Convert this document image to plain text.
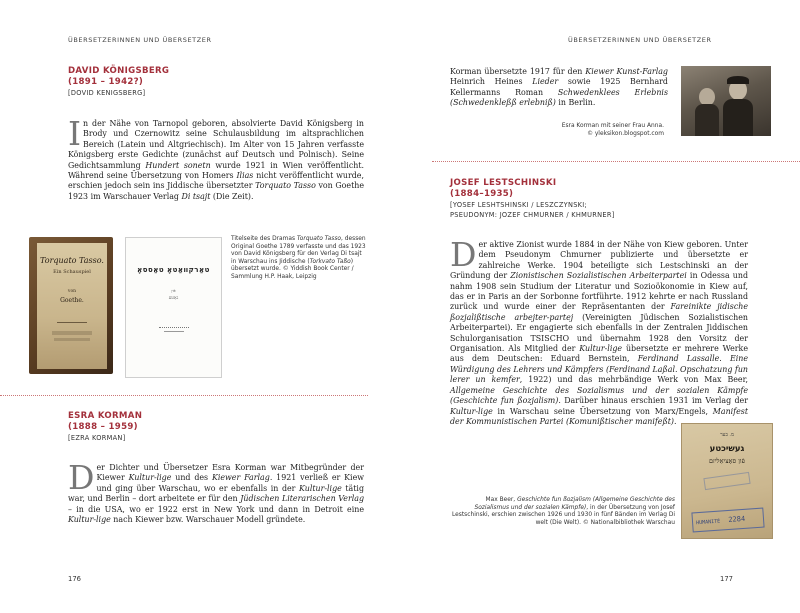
ÜBERSETZERINNEN UND ÜBERSETZER
DAVID KÖNIGSBERG
(1891 – 1942?)
[DOVID KENIGSBERG]
In der Nähe von Tarnopol geboren, absolvierte David Königsberg in Brody und Czernowitz seine Schulausbildung im altsprachlichen Bereich (Latein und Altgriechisch). Im Alter von 15 Jahren verfasste Königsberg erste Gedichte (zunächst auf Deutsch und Polnisch). Seine Gedichtsammlung Hundert sonetn wurde 1921 in Wien veröffentlicht. Während seine Übersetzung von Homers Ilias nicht veröffentlicht wurde, erschien jedoch sein ins Jiddische übersetzter Torquato Tasso von Goethe 1923 im Warschauer Verlag Di tsajt (Die Zeit).
Torquato Tasso.
Ein Schauspiel
von
Goethe.
טאַרקװאַטאָ טאַססאָ
פֿון
גאַטע
Titelseite des Dramas Torquato Tasso, dessen Original Goethe 1789 verfasste und das 1923 von David Königsberg für den Verlag Di tsajt in Warschau ins Jiddische (Torkvato Taßo) übersetzt wurde. © Yiddish Book Center / Sammlung H.P. Haak, Leipzig
ESRA KORMAN
(1888 – 1959)
[EZRA KORMAN]
Der Dichter und Übersetzer Esra Korman war Mitbegründer der Kiewer Kultur-lige und des Kiewer Farlag. 1921 verließ er Kiew und ging über Warschau, wo er ebenfalls in der Kultur-lige tätig war, und Berlin – dort arbeitete er für den Jüdischen Literarischen Verlag – in die USA, wo er 1922 erst in New York und dann in Detroit eine Kultur-lige nach Kiewer bzw. Warschauer Modell gründete.
176
ÜBERSETZERINNEN UND ÜBERSETZER
Korman übersetzte 1917 für den Kiewer Kunst-Farlag Heinrich Heines Lieder sowie 1925 Bernhard Kellermanns Roman Schwedenklees Erlebnis (Schwedenkleßß erlebniß) in Berlin.
Esra Korman mit seiner Frau Anna.
© yleksikon.blogspot.com
JOSEF LESTSCHINSKI
(1884–1935)
[YOSEF LESHTSHINSKI / LESZCZYNSKI;
PSEUDONYM: JOZEF CHMURNER / KHMURNER]
Der aktive Zionist wurde 1884 in der Nähe von Kiew geboren. Unter dem Pseudonym Chmurner publizierte und übersetzte er zahlreiche Werke. 1904 beteiligte sich Lestschinski an der Gründung der Zionistischen Sozialistischen Arbeiterpartei in Odessa und nahm 1908 sein Studium der Literatur und Sozioökonomie in Kiew auf, das er in Paris an der Sorbonne fortführte. 1912 kehrte er nach Russland zurück und wurde einer der Repräsentanten der Fareinikte jidische ßozjalißtische arbejter-partej (Vereinigten Jüdischen Sozialistischen Arbeiterpartei). Er engagierte sich ebenfalls in der Zentralen Jiddischen Schulorganisation TSISCHO und übernahm 1928 den Vorsitz der Organisation. Als Mitglied der Kultur-lige übersetzte er mehrere Werke aus dem Deutschen: Eduard Bernstein, Ferdinand Lassalle. Eine Würdigung des Lehrers und Kämpfers (Ferdinand Laßal. Opschatzung fun lerer un kemfer, 1922) und das mehrbändige Werk von Max Beer, Allgemeine Geschichte des Sozialismus und der sozialen Kämpfe (Geschichte fun ßozjalism). Darüber hinaus erschien 1931 im Verlag der Kultur-lige in Warschau seine Übersetzung von Marx/Engels, Manifest der Kommunistischen Partei (Komunißtischer manifeßt).
מ. בער
געשיכטע
פֿון סאָציאַליזם
HUMANITÉ 2284
Max Beer, Geschichte fun ßozjalism (Allgemeine Geschichte des Sozialismus und der sozialen Kämpfe), in der Übersetzung von Josef Lestschinski, erschien zwischen 1926 und 1930 in fünf Bänden im Verlag Di welt (Die Welt). © Nationalbibliothek Warschau
177
